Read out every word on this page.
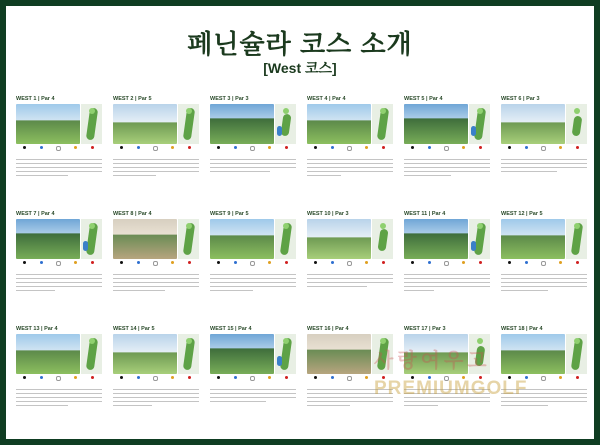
페닌슐라 코스 소개
[West 코스]
WEST 1 | Par 4	WEST 2 | Par 5	WEST 3 | Par 3	WEST 4 | Par 4	WEST 5 | Par 4	WEST 6 | Par 3
WEST 7 | Par 4	WEST 8 | Par 4	WEST 9 | Par 5	WEST 10 | Par 3	WEST 11 | Par 4	WEST 12 | Par 5
WEST 13 | Par 4	WEST 14 | Par 5	WEST 15 | Par 4	WEST 16 | Par 4	WEST 17 | Par 3	WEST 18 | Par 4
사랑여우고
PREMIUMGOLF
